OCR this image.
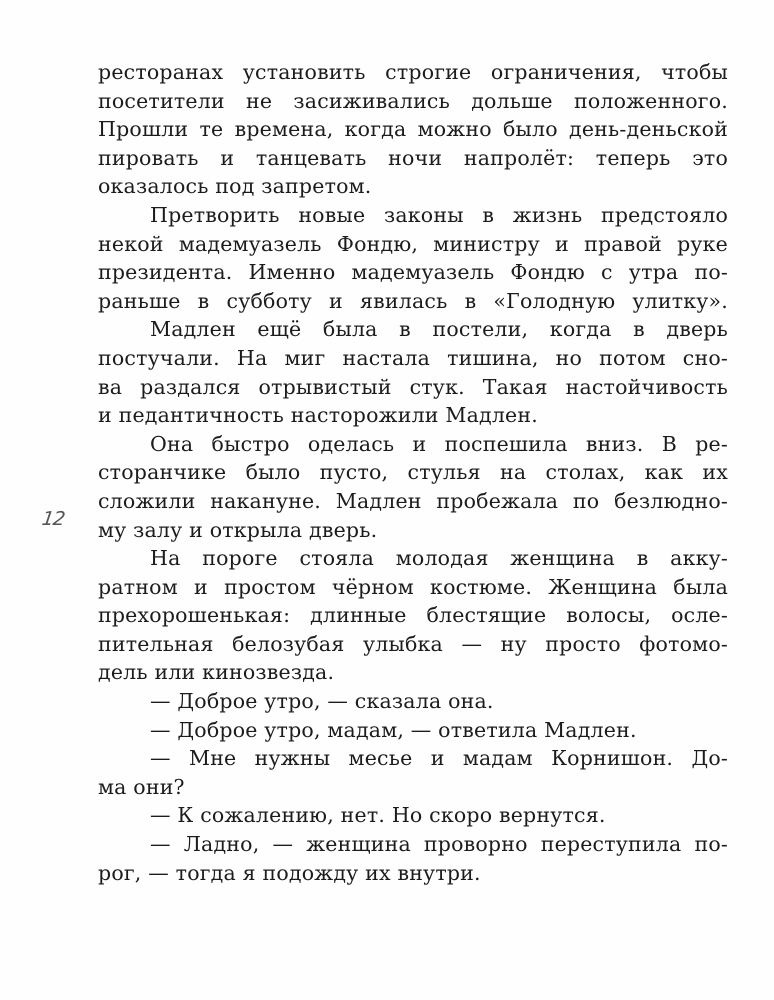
12
ресторанах установить строгие ограничения, чтобы
посетители не засиживались дольше положенного.
Прошли те времена, когда можно было день-деньской
пировать и танцевать ночи напролёт: теперь это
оказалось под запретом.
Претворить новые законы в жизнь предстояло
некой мадемуазель Фондю, министру и правой руке
президента. Именно мадемуазель Фондю с утра по-
раньше в субботу и явилась в «Голодную улитку».
Мадлен ещё была в постели, когда в дверь
постучали. На миг настала тишина, но потом сно-
ва раздался отрывистый стук. Такая настойчивость
и педантичность насторожили Мадлен.
Она быстро оделась и поспешила вниз. В ре-
сторанчике было пусто, стулья на столах, как их
сложили накануне. Мадлен пробежала по безлюдно-
му залу и открыла дверь.
На пороге стояла молодая женщина в акку-
ратном и простом чёрном костюме. Женщина была
прехорошенькая: длинные блестящие волосы, осле-
пительная белозубая улыбка — ну просто фотомо-
дель или кинозвезда.
— Доброе утро, — сказала она.
— Доброе утро, мадам, — ответила Мадлен.
— Мне нужны месье и мадам Корнишон. До-
ма они?
— К сожалению, нет. Но скоро вернутся.
— Ладно, — женщина проворно переступила по-
рог, — тогда я подожду их внутри.
